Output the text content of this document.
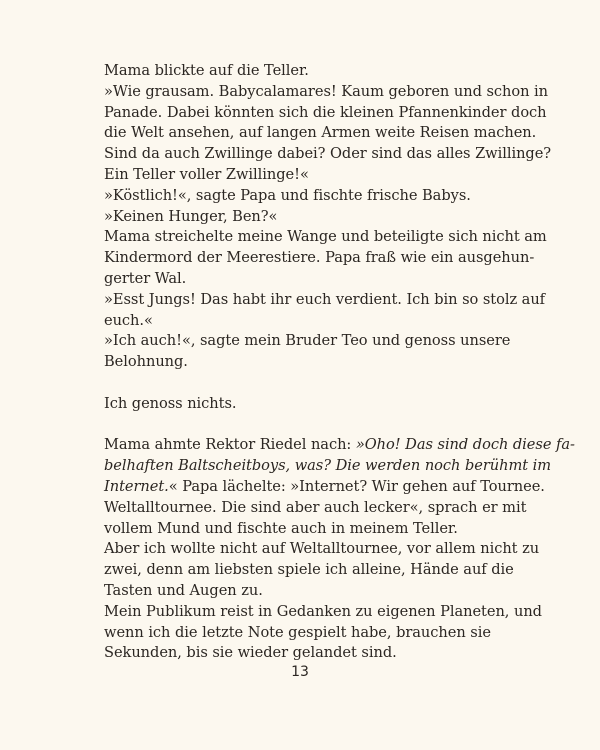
Mama blickte auf die Teller.
»Wie grausam. Babycalamares! Kaum geboren und schon in
Panade. Dabei könnten sich die kleinen Pfannenkinder doch
die Welt ansehen, auf langen Armen weite Reisen machen.
Sind da auch Zwillinge dabei? Oder sind das alles Zwillinge?
Ein Teller voller Zwillinge!«
»Köstlich!«, sagte Papa und fischte frische Babys.
»Keinen Hunger, Ben?«
Mama streichelte meine Wange und beteiligte sich nicht am
Kindermord der Meerestiere. Papa fraß wie ein ausgehun-
gerter Wal.
»Esst Jungs! Das habt ihr euch verdient. Ich bin so stolz auf
euch.«
»Ich auch!«, sagte mein Bruder Teo und genoss unsere
Belohnung.
Ich genoss nichts.
Mama ahmte Rektor Riedel nach: »Oho! Das sind doch diese fa-
belhaften Baltscheitboys, was? Die werden noch berühmt im
Internet.« Papa lächelte: »Internet? Wir gehen auf Tournee.
Weltalltournee. Die sind aber auch lecker«, sprach er mit
vollem Mund und fischte auch in meinem Teller.
Aber ich wollte nicht auf Weltalltournee, vor allem nicht zu
zwei, denn am liebsten spiele ich alleine, Hände auf die
Tasten und Augen zu.
Mein Publikum reist in Gedanken zu eigenen Planeten, und
wenn ich die letzte Note gespielt habe, brauchen sie
Sekunden, bis sie wieder gelandet sind.
13
